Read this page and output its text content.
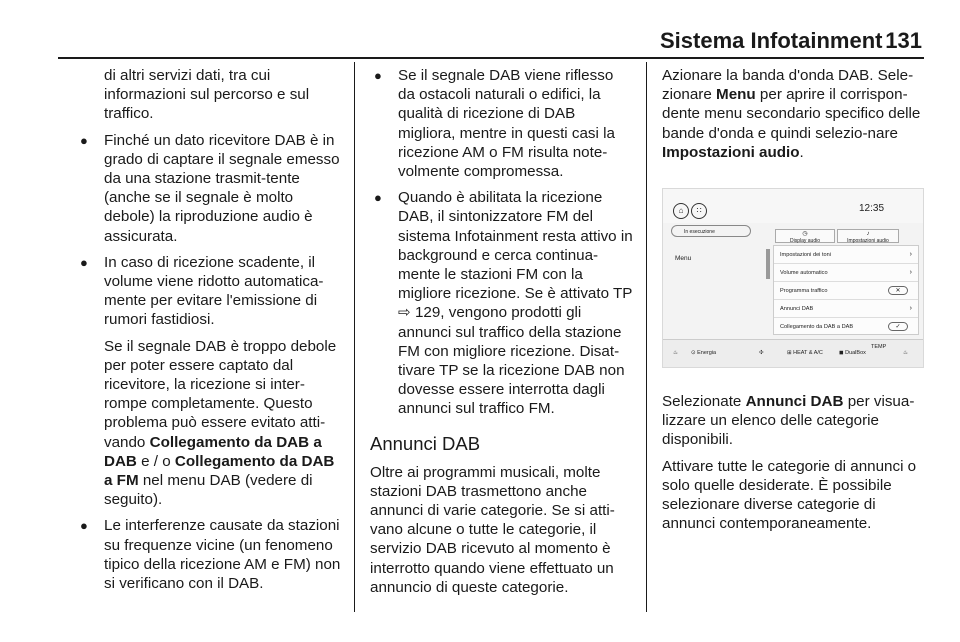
Sistema Infotainment 131
di altri servizi dati, tra cui informazioni sul percorso e sul traffico.
● Finché un dato ricevitore DAB è in grado di captare il segnale emesso da una stazione trasmit-tente (anche se il segnale è molto debole) la riproduzione audio è assicurata.
● In caso di ricezione scadente, il volume viene ridotto automatica-mente per evitare l'emissione di rumori fastidiosi.
Se il segnale DAB è troppo debole per poter essere captato dal ricevitore, la ricezione si inter-rompe completamente. Questo problema può essere evitato atti-vando Collegamento da DAB a DAB e / o Collegamento da DAB a FM nel menu DAB (vedere di seguito).
● Le interferenze causate da stazioni su frequenze vicine (un fenomeno tipico della ricezione AM e FM) non si verificano con il DAB.
● Se il segnale DAB viene riflesso da ostacoli naturali o edifici, la qualità di ricezione di DAB migliora, mentre in questi casi la ricezione AM o FM risulta note-volmente compromessa.
● Quando è abilitata la ricezione DAB, il sintonizzatore FM del sistema Infotainment resta attivo in background e cerca continua-mente le stazioni FM con la migliore ricezione. Se è attivato TP ⇨ 129, vengono prodotti gli annunci sul traffico della stazione FM con migliore ricezione. Disat-tivare TP se la ricezione DAB non dovesse essere interrotta dagli annunci sul traffico FM.
Annunci DAB

Oltre ai programmi musicali, molte stazioni DAB trasmettono anche annunci di varie categorie. Se si atti-vano alcune o tutte le categorie, il servizio DAB ricevuto al momento è interrotto quando viene effettuato un annuncio di queste categorie.

Azionare la banda d'onda DAB. Sele-zionare Menu per aprire il corrispon-dente menu secondario specifico delle bande d'onda e quindi selezio-nare Impostazioni audio.

⌂	∷	12:35
In esecuzione
Menu
◷
Display audio
♪
Impostazioni audio
Impostazioni dei toni	›
Volume automatico	›
Programma traffico	✕
Annunci DAB	›
Collegamento da DAB a DAB	✓
♨ ⊙ Energia	✣	⊞ HEAT & A/C	◼ DualBox
TEMP
♨

Selezionate Annunci DAB per visua-lizzare un elenco delle categorie disponibili.

Attivare tutte le categorie di annunci o solo quelle desiderate. È possibile selezionare diverse categorie di annunci contemporaneamente.
